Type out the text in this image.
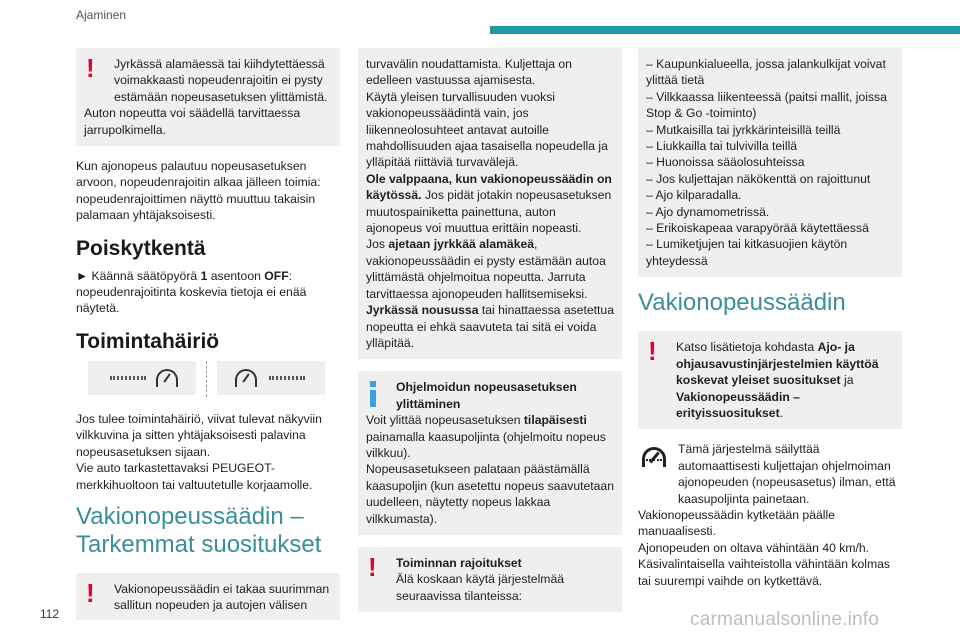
Ajaminen
!	Jyrkässä alamäessä tai kiihdytettäessä voimakkaasti nopeudenrajoitin ei pysty estämään nopeusasetuksen ylittämistä.

Auton nopeutta voi säädellä tarvittaessa jarrupolkimella.

Kun ajonopeus palautuu nopeusasetuksen arvoon, nopeudenrajoitin alkaa jälleen toimia: nopeudenrajoittimen näyttö muuttuu takaisin palamaan yhtäjaksoisesti.

Poiskytkentä

► Käännä säätöpyörä 1 asentoon OFF: nopeudenrajoitinta koskevia tietoja ei enää näytetä.

Toimintahäiriö

Jos tulee toimintahäiriö, viivat tulevat näkyviin vilkkuvina ja sitten yhtäjaksoisesti palavina nopeusasetuksen sijaan.

Vie auto tarkastettavaksi PEUGEOT-merkkihuoltoon tai valtuutetulle korjaamolle.

Vakionopeussäädin – Tarkemmat suositukset
!	Vakionopeussäädin ei takaa suurimman sallitun nopeuden ja autojen välisen

turvavälin noudattamista. Kuljettaja on edelleen vastuussa ajamisesta.

Käytä yleisen turvallisuuden vuoksi vakionopeussäädintä vain, jos liikenneolosuhteet antavat autoille mahdollisuuden ajaa tasaisella nopeudella ja ylläpitää riittäviä turvavälejä.

Ole valppaana, kun vakionopeussäädin on käytössä. Jos pidät jotakin nopeusasetuksen muutospainiketta painettuna, auton ajonopeus voi muuttua erittäin nopeasti.

Jos ajetaan jyrkkää alamäkeä, vakionopeussäädin ei pysty estämään autoa ylittämästä ohjelmoitua nopeutta. Jarruta tarvittaessa ajonopeuden hallitsemiseksi.

Jyrkässä nousussa tai hinattaessa asetettua nopeutta ei ehkä saavuteta tai sitä ei voida ylläpitää.

Ohjelmoidun nopeusasetuksen ylittäminen

Voit ylittää nopeusasetuksen tilapäisesti painamalla kaasupoljinta (ohjelmoitu nopeus vilkkuu).

Nopeusasetukseen palataan päästämällä kaasupoljin (kun asetettu nopeus saavutetaan uudelleen, näytetty nopeus lakkaa vilkkumasta).

!	Toiminnan rajoitukset

Älä koskaan käytä järjestelmää seuraavissa tilanteissa:

– Kaupunkialueella, jossa jalankulkijat voivat ylittää tietä

– Vilkkaassa liikenteessä (paitsi mallit, joissa Stop & Go -toiminto)

– Mutkaisilla tai jyrkkärinteisillä teillä

– Liukkailla tai tulvivilla teillä

– Huonoissa sääolosuhteissa

– Jos kuljettajan näkökenttä on rajoittunut

– Ajo kilparadalla.

– Ajo dynamometrissä.

– Erikoiskapeaa varapyörää käytettäessä

– Lumiketjujen tai kitkasuojien käytön yhteydessä

Vakionopeussäädin
!	Katso lisätietoja kohdasta Ajo- ja ohjausavustinjärjestelmien käyttöä koskevat yleiset suositukset ja Vakionopeussäädin – erityissuositukset.

Tämä järjestelmä säilyttää automaattisesti kuljettajan ohjelmoiman ajonopeuden (nopeusasetus) ilman, että kaasupoljinta painetaan.

Vakionopeussäädin kytketään päälle manuaalisesti.

Ajonopeuden on oltava vähintään 40 km/h.

Käsivalintaisella vaihteistolla vähintään kolmas tai suurempi vaihde on kytkettävä.

112	carmanualsonline.info
